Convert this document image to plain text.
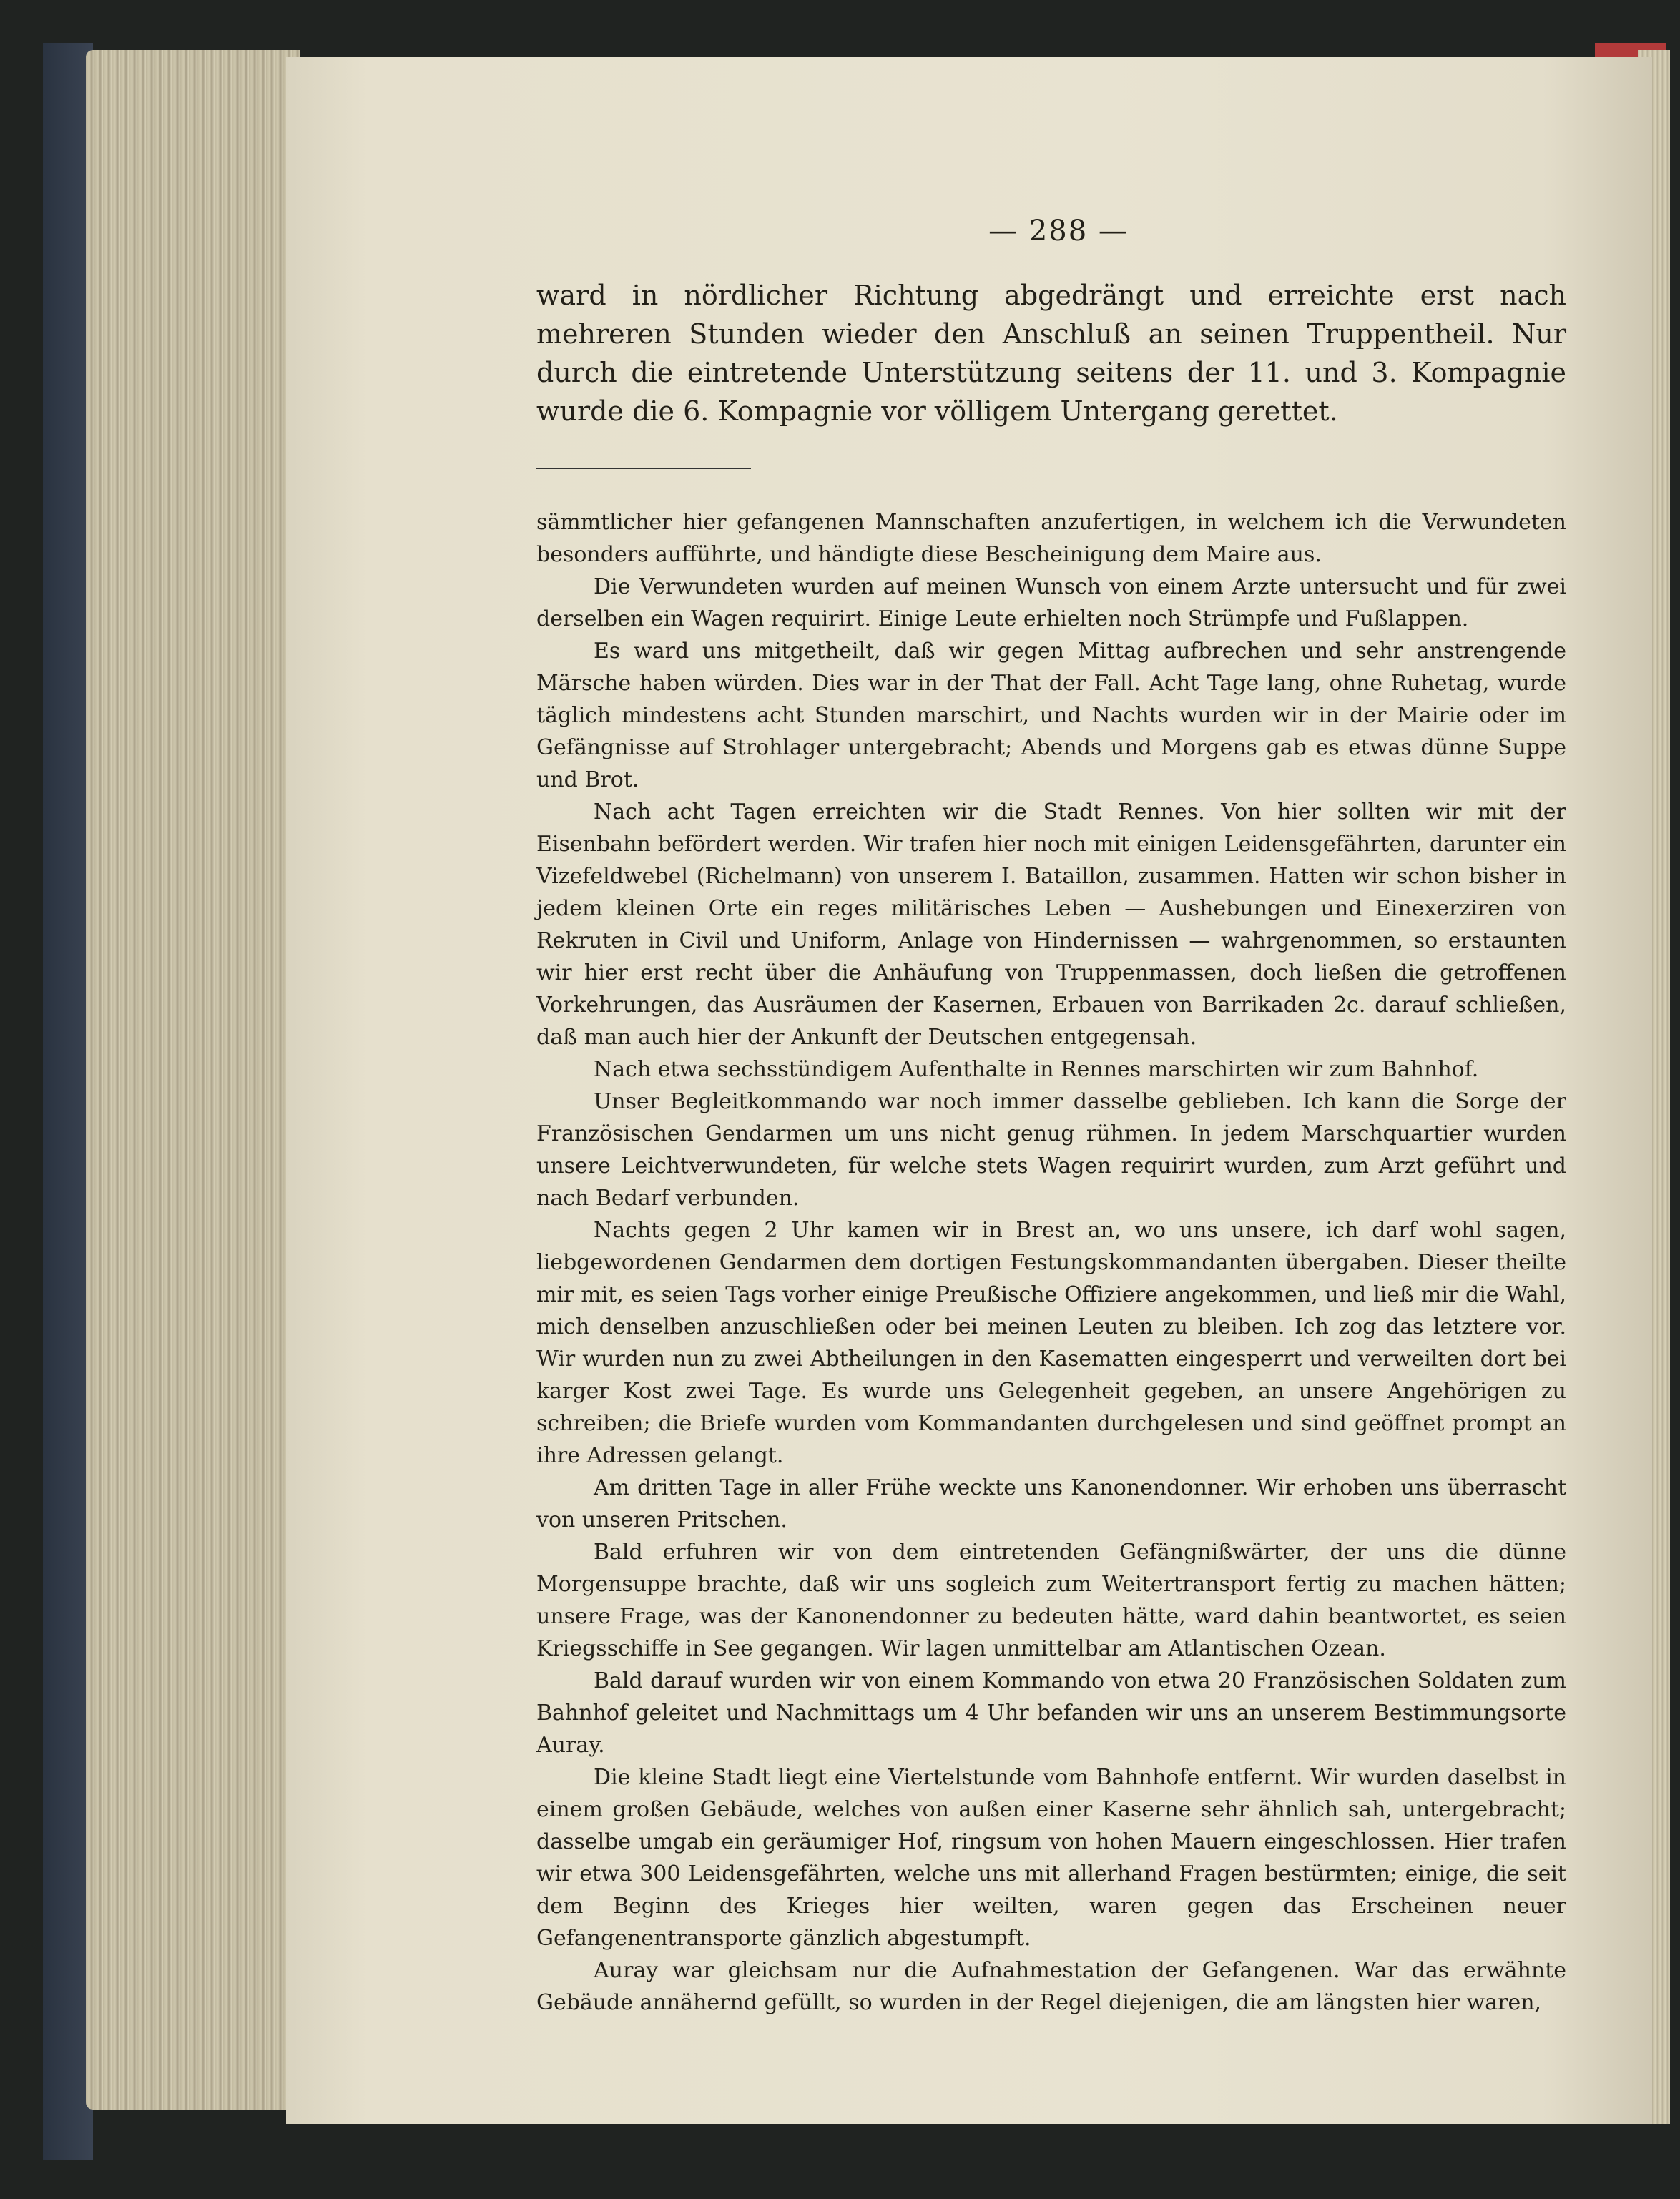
— 288 —

ward in nördlicher Richtung abgedrängt und erreichte erst nach mehreren Stunden wieder den Anschluß an seinen Truppentheil. Nur durch die eintretende Unterstützung seitens der 11. und 3. Kompagnie wurde die 6. Kompagnie vor völligem Untergang gerettet.

sämmtlicher hier gefangenen Mannschaften anzufertigen, in welchem ich die Verwundeten besonders aufführte, und händigte diese Bescheinigung dem Maire aus.

Die Verwundeten wurden auf meinen Wunsch von einem Arzte untersucht und für zwei derselben ein Wagen requirirt. Einige Leute erhielten noch Strümpfe und Fußlappen.

Es ward uns mitgetheilt, daß wir gegen Mittag aufbrechen und sehr anstrengende Märsche haben würden. Dies war in der That der Fall. Acht Tage lang, ohne Ruhetag, wurde täglich mindestens acht Stunden marschirt, und Nachts wurden wir in der Mairie oder im Gefängnisse auf Strohlager untergebracht; Abends und Morgens gab es etwas dünne Suppe und Brot.

Nach acht Tagen erreichten wir die Stadt Rennes. Von hier sollten wir mit der Eisenbahn befördert werden. Wir trafen hier noch mit einigen Leidensgefährten, darunter ein Vizefeldwebel (Richelmann) von unserem I. Bataillon, zusammen. Hatten wir schon bisher in jedem kleinen Orte ein reges militärisches Leben — Aushebungen und Einexerziren von Rekruten in Civil und Uniform, Anlage von Hindernissen — wahrgenommen, so erstaunten wir hier erst recht über die Anhäufung von Truppenmassen, doch ließen die getroffenen Vorkehrungen, das Ausräumen der Kasernen, Erbauen von Barrikaden 2c. darauf schließen, daß man auch hier der Ankunft der Deutschen entgegensah.

Nach etwa sechsstündigem Aufenthalte in Rennes marschirten wir zum Bahnhof.

Unser Begleitkommando war noch immer dasselbe geblieben. Ich kann die Sorge der Französischen Gendarmen um uns nicht genug rühmen. In jedem Marschquartier wurden unsere Leichtverwundeten, für welche stets Wagen requirirt wurden, zum Arzt geführt und nach Bedarf verbunden.

Nachts gegen 2 Uhr kamen wir in Brest an, wo uns unsere, ich darf wohl sagen, liebgewordenen Gendarmen dem dortigen Festungskommandanten übergaben. Dieser theilte mir mit, es seien Tags vorher einige Preußische Offiziere angekommen, und ließ mir die Wahl, mich denselben anzuschließen oder bei meinen Leuten zu bleiben. Ich zog das letztere vor. Wir wurden nun zu zwei Abtheilungen in den Kasematten eingesperrt und verweilten dort bei karger Kost zwei Tage. Es wurde uns Gelegenheit gegeben, an unsere Angehörigen zu schreiben; die Briefe wurden vom Kommandanten durchgelesen und sind geöffnet prompt an ihre Adressen gelangt.

Am dritten Tage in aller Frühe weckte uns Kanonendonner. Wir erhoben uns überrascht von unseren Pritschen.

Bald erfuhren wir von dem eintretenden Gefängnißwärter, der uns die dünne Morgensuppe brachte, daß wir uns sogleich zum Weitertransport fertig zu machen hätten; unsere Frage, was der Kanonendonner zu bedeuten hätte, ward dahin beantwortet, es seien Kriegsschiffe in See gegangen. Wir lagen unmittelbar am Atlantischen Ozean.

Bald darauf wurden wir von einem Kommando von etwa 20 Französischen Soldaten zum Bahnhof geleitet und Nachmittags um 4 Uhr befanden wir uns an unserem Bestimmungsorte Auray.

Die kleine Stadt liegt eine Viertelstunde vom Bahnhofe entfernt. Wir wurden daselbst in einem großen Gebäude, welches von außen einer Kaserne sehr ähnlich sah, untergebracht; dasselbe umgab ein geräumiger Hof, ringsum von hohen Mauern eingeschlossen. Hier trafen wir etwa 300 Leidensgefährten, welche uns mit allerhand Fragen bestürmten; einige, die seit dem Beginn des Krieges hier weilten, waren gegen das Erscheinen neuer Gefangenentransporte gänzlich abgestumpft.

Auray war gleichsam nur die Aufnahmestation der Gefangenen. War das erwähnte Gebäude annähernd gefüllt, so wurden in der Regel diejenigen, die am längsten hier waren,
